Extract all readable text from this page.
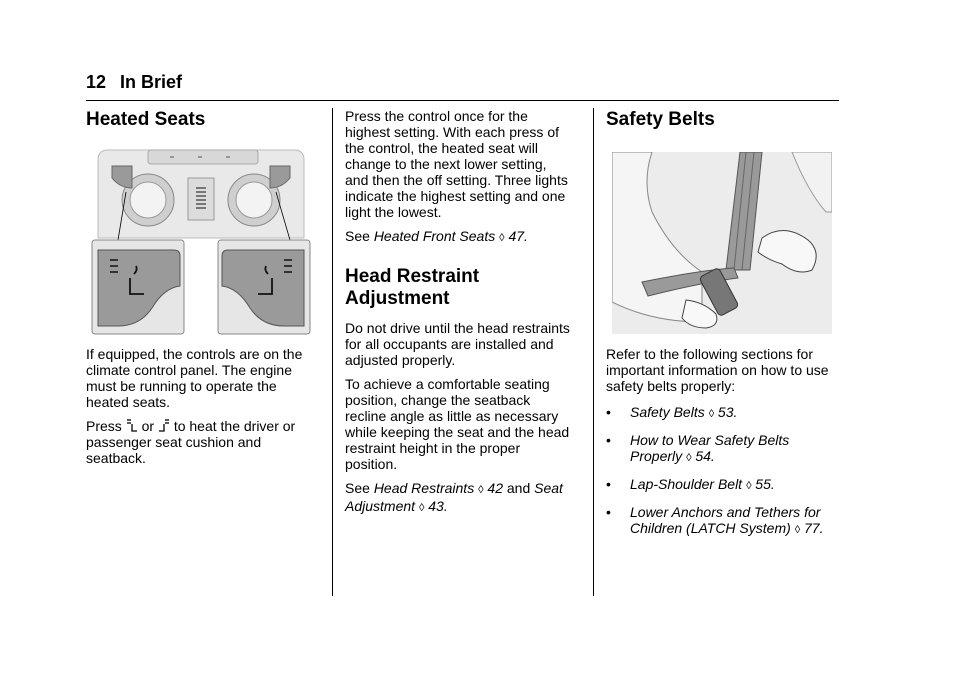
12 In Brief
Heated Seats

If equipped, the controls are on the climate control panel. The engine must be running to operate the heated seats.

Press or to heat the driver or passenger seat cushion and seatback.

Press the control once for the highest setting. With each press of the control, the heated seat will change to the next lower setting, and then the off setting. Three lights indicate the highest setting and one light the lowest.

See Heated Front Seats ◊ 47.

Head Restraint
Adjustment

Do not drive until the head restraints for all occupants are installed and adjusted properly.

To achieve a comfortable seating position, change the seatback recline angle as little as necessary while keeping the seat and the head restraint height in the proper position.

See Head Restraints ◊ 42 and Seat Adjustment ◊ 43.

Safety Belts

Refer to the following sections for important information on how to use safety belts properly:

•	Safety Belts ◊ 53.
•	How to Wear Safety Belts Properly ◊ 54.
•	Lap-Shoulder Belt ◊ 55.
•	Lower Anchors and Tethers for Children (LATCH System) ◊ 77.
